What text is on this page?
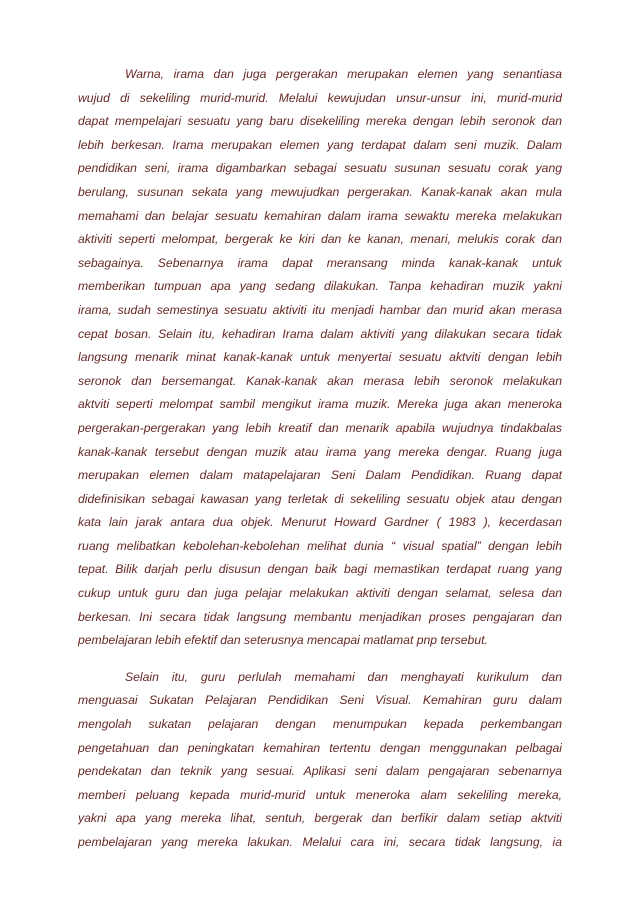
Warna, irama dan juga pergerakan merupakan elemen yang senantiasa
wujud di sekeliling murid-murid. Melalui kewujudan unsur-unsur ini, murid-murid
dapat mempelajari sesuatu yang baru disekeliling mereka dengan lebih seronok dan
lebih berkesan. Irama merupakan elemen yang terdapat dalam seni muzik. Dalam
pendidikan seni, irama digambarkan sebagai sesuatu susunan sesuatu corak yang
berulang, susunan sekata yang mewujudkan pergerakan. Kanak-kanak akan mula
memahami dan belajar sesuatu kemahiran dalam irama sewaktu mereka melakukan
aktiviti seperti melompat, bergerak ke kiri dan ke kanan, menari, melukis corak dan
sebagainya. Sebenarnya irama dapat meransang minda kanak-kanak untuk
memberikan tumpuan apa yang sedang dilakukan. Tanpa kehadiran muzik yakni
irama, sudah semestinya sesuatu aktiviti itu menjadi hambar dan murid akan merasa
cepat bosan. Selain itu, kehadiran Irama dalam aktiviti yang dilakukan secara tidak
langsung menarik minat kanak-kanak untuk menyertai sesuatu aktviti dengan lebih
seronok dan bersemangat. Kanak-kanak akan merasa lebih seronok melakukan
aktviti seperti melompat sambil mengikut irama muzik. Mereka juga akan meneroka
pergerakan-pergerakan yang lebih kreatif dan menarik apabila wujudnya tindakbalas
kanak-kanak tersebut dengan muzik atau irama yang mereka dengar. Ruang juga
merupakan elemen dalam matapelajaran Seni Dalam Pendidikan. Ruang dapat
didefinisikan sebagai kawasan yang terletak di sekeliling sesuatu objek atau dengan
kata lain jarak antara dua objek. Menurut Howard Gardner ( 1983 ), kecerdasan
ruang melibatkan kebolehan-kebolehan melihat dunia “ visual spatial” dengan lebih
tepat. Bilik darjah perlu disusun dengan baik bagi memastikan terdapat ruang yang
cukup untuk guru dan juga pelajar melakukan aktiviti dengan selamat, selesa dan
berkesan. Ini secara tidak langsung membantu menjadikan proses pengajaran dan
pembelajaran lebih efektif dan seterusnya mencapai matlamat pnp tersebut.

Selain itu, guru perlulah memahami dan menghayati kurikulum dan
menguasai Sukatan Pelajaran Pendidikan Seni Visual. Kemahiran guru dalam
mengolah sukatan pelajaran dengan menumpukan kepada perkembangan
pengetahuan dan peningkatan kemahiran tertentu dengan menggunakan pelbagai
pendekatan dan teknik yang sesuai. Aplikasi seni dalam pengajaran sebenarnya
memberi peluang kepada murid-murid untuk meneroka alam sekeliling mereka,
yakni apa yang mereka lihat, sentuh, bergerak dan berfikir dalam setiap aktviti
pembelajaran yang mereka lakukan. Melalui cara ini, secara tidak langsung, ia
